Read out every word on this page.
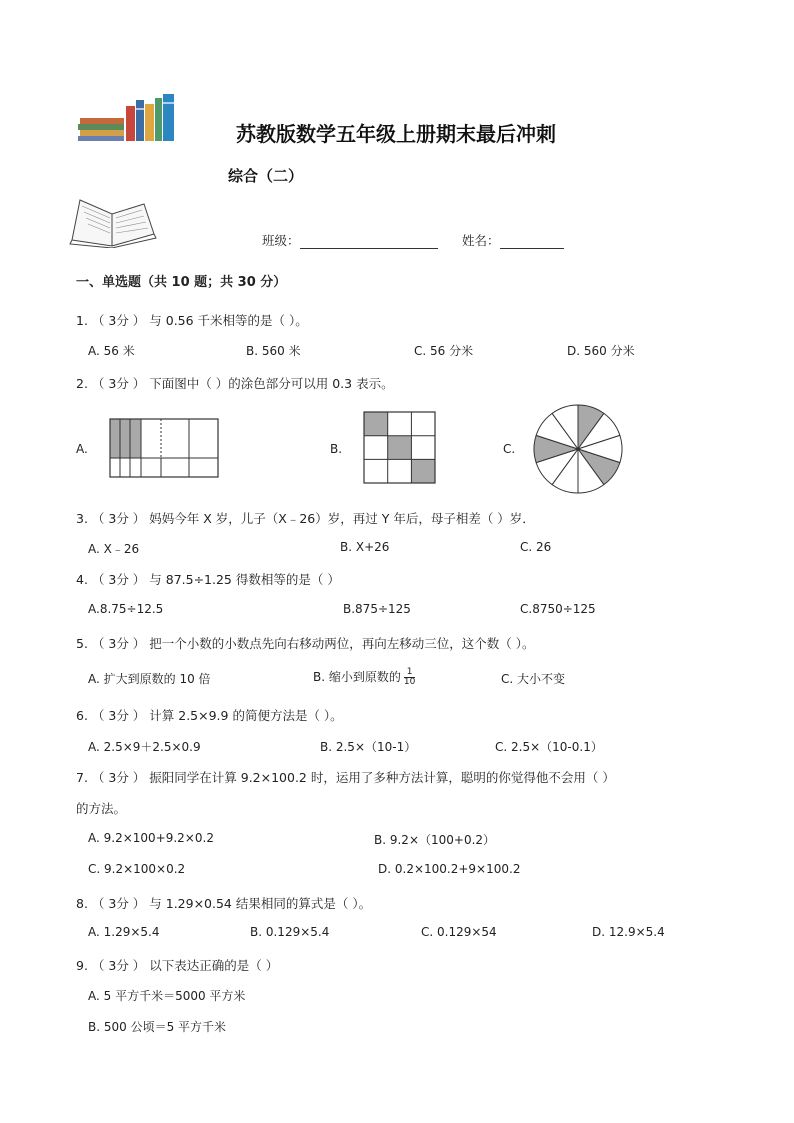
苏教版数学五年级上册期末最后冲刺
综合（二）
班级：	姓名：
一、单选题（共 10 题；共 30 分）
1. （ 3分 ） 与 0.56 千米相等的是（ ）。
A. 56 米	B. 560 米	C. 56 分米	D. 560 分米
2. （ 3分 ） 下面图中（ ）的涂色部分可以用 0.3 表示。
A.	B.	C.
3. （ 3分 ） 妈妈今年 X 岁，儿子（X﹣26）岁，再过 Y 年后，母子相差（ ）岁．
A. X﹣26	B. X+26	C. 26
4. （ 3分 ） 与 87.5÷1.25 得数相等的是（ ）
A.8.75÷12.5	B.875÷125	C.8750÷125
5. （ 3分 ） 把一个小数的小数点先向右移动两位，再向左移动三位，这个数（ ）。
A. 扩大到原数的 10 倍	B. 缩小到原数的 $\frac{1}{10}$	C. 大小不变
6. （ 3分 ） 计算 2.5×9.9 的简便方法是（ ）。
A. 2.5×9＋2.5×0.9	B. 2.5×（10-1）	C. 2.5×（10-0.1）
7. （ 3分 ） 振阳同学在计算 9.2×100.2 时，运用了多种方法计算，聪明的你觉得他不会用（ ）
的方法。
A. 9.2×100+9.2×0.2	B. 9.2×（100+0.2）
C. 9.2×100×0.2	D. 0.2×100.2+9×100.2
8. （ 3分 ） 与 1.29×0.54 结果相同的算式是（ ）。
A. 1.29×5.4	B. 0.129×5.4	C. 0.129×54	D. 12.9×5.4
9. （ 3分 ） 以下表达正确的是（ ）
A. 5 平方千米＝5000 平方米
B. 500 公顷＝5 平方千米
